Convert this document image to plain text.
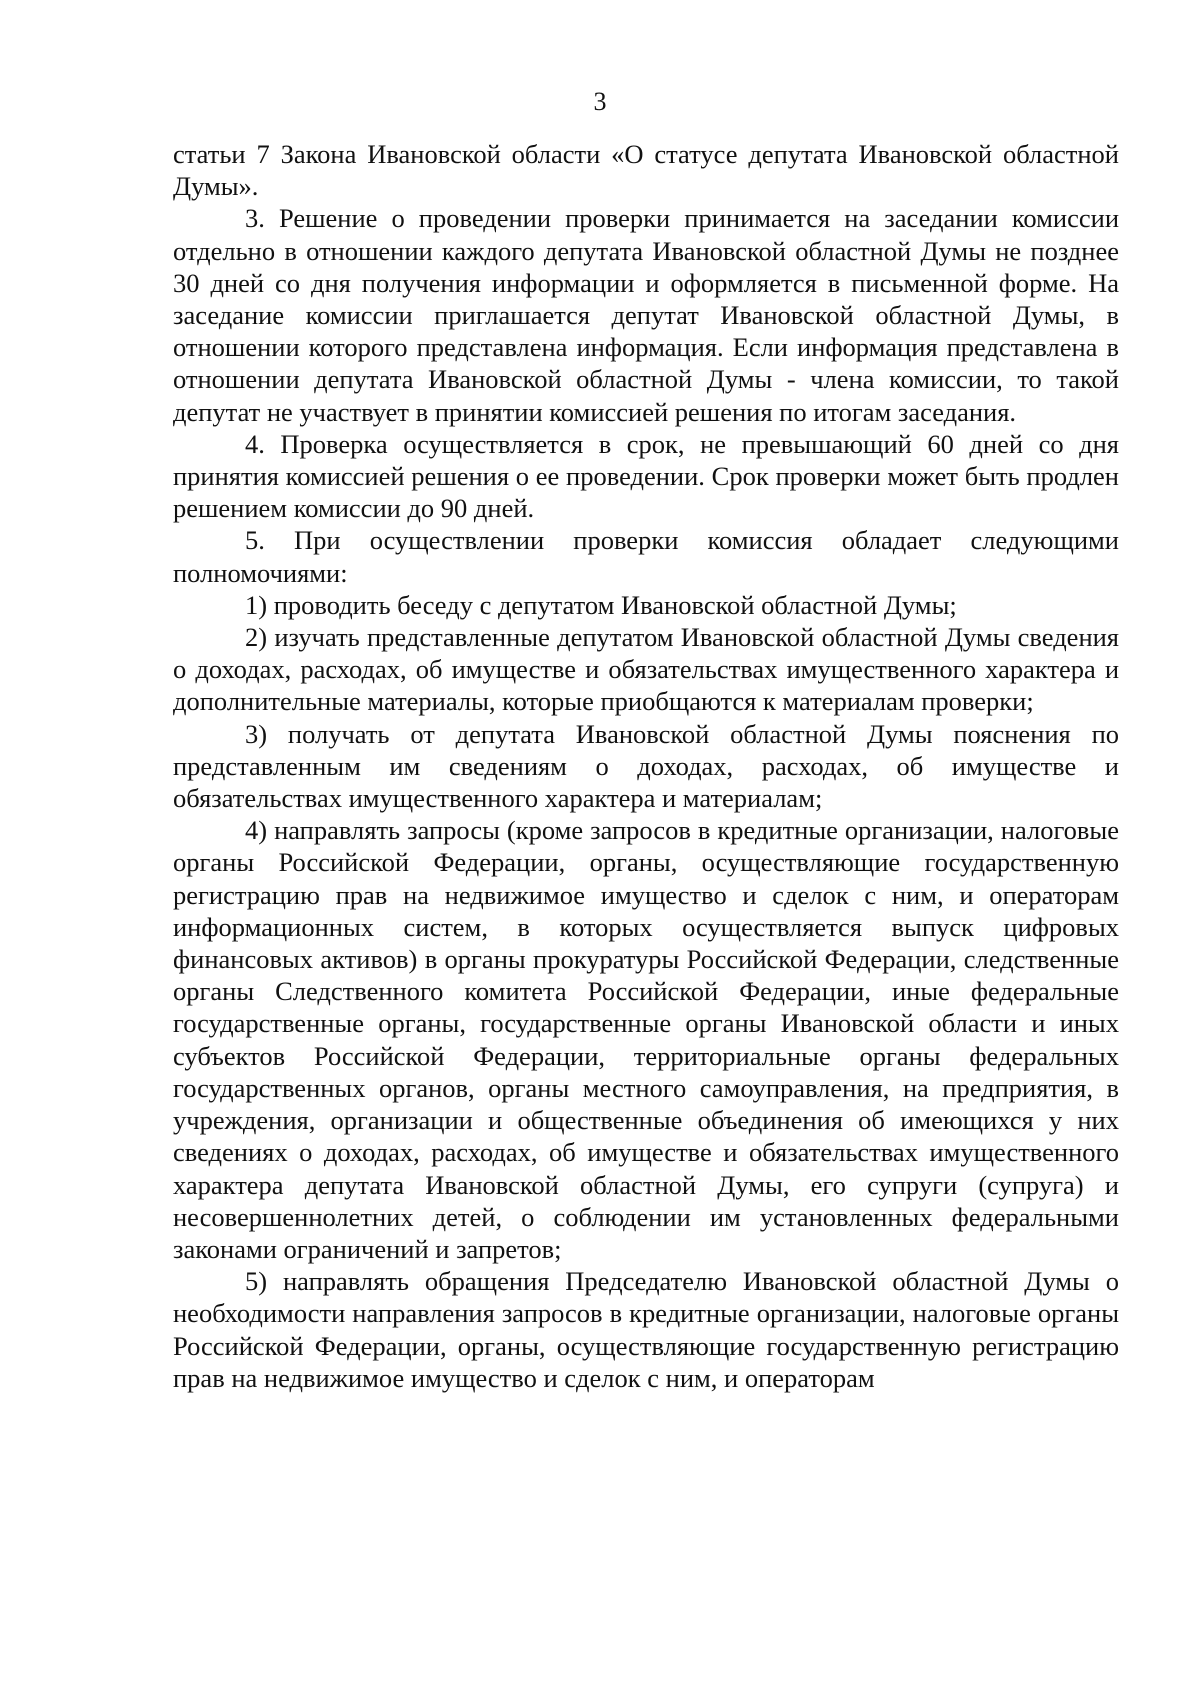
3

статьи 7 Закона Ивановской области «О статусе депутата Ивановской областной Думы».

3. Решение о проведении проверки принимается на заседании комиссии отдельно в отношении каждого депутата Ивановской областной Думы не позднее 30 дней со дня получения информации и оформляется в письменной форме. На заседание комиссии приглашается депутат Ивановской областной Думы, в отношении которого представлена информация. Если информация представлена в отношении депутата Ивановской областной Думы - члена комиссии, то такой депутат не участвует в принятии комиссией решения по итогам заседания.

4. Проверка осуществляется в срок, не превышающий 60 дней со дня принятия комиссией решения о ее проведении. Срок проверки может быть продлен решением комиссии до 90 дней.

5. При осуществлении проверки комиссия обладает следующими полномочиями:

1) проводить беседу с депутатом Ивановской областной Думы;

2) изучать представленные депутатом Ивановской областной Думы сведения о доходах, расходах, об имуществе и обязательствах имущественного характера и дополнительные материалы, которые приобщаются к материалам проверки;

3) получать от депутата Ивановской областной Думы пояснения по представленным им сведениям о доходах, расходах, об имуществе и обязательствах имущественного характера и материалам;

4) направлять запросы (кроме запросов в кредитные организации, налоговые органы Российской Федерации, органы, осуществляющие государственную регистрацию прав на недвижимое имущество и сделок с ним, и операторам информационных систем, в которых осуществляется выпуск цифровых финансовых активов) в органы прокуратуры Российской Федерации, следственные органы Следственного комитета Российской Федерации, иные федеральные государственные органы, государственные органы Ивановской области и иных субъектов Российской Федерации, территориальные органы федеральных государственных органов, органы местного самоуправления, на предприятия, в учреждения, организации и общественные объединения об имеющихся у них сведениях о доходах, расходах, об имуществе и обязательствах имущественного характера депутата Ивановской областной Думы, его супруги (супруга) и несовершеннолетних детей, о соблюдении им установленных федеральными законами ограничений и запретов;

5) направлять обращения Председателю Ивановской областной Думы о необходимости направления запросов в кредитные организации, налоговые органы Российской Федерации, органы, осуществляющие государственную регистрацию прав на недвижимое имущество и сделок с ним, и операторам
